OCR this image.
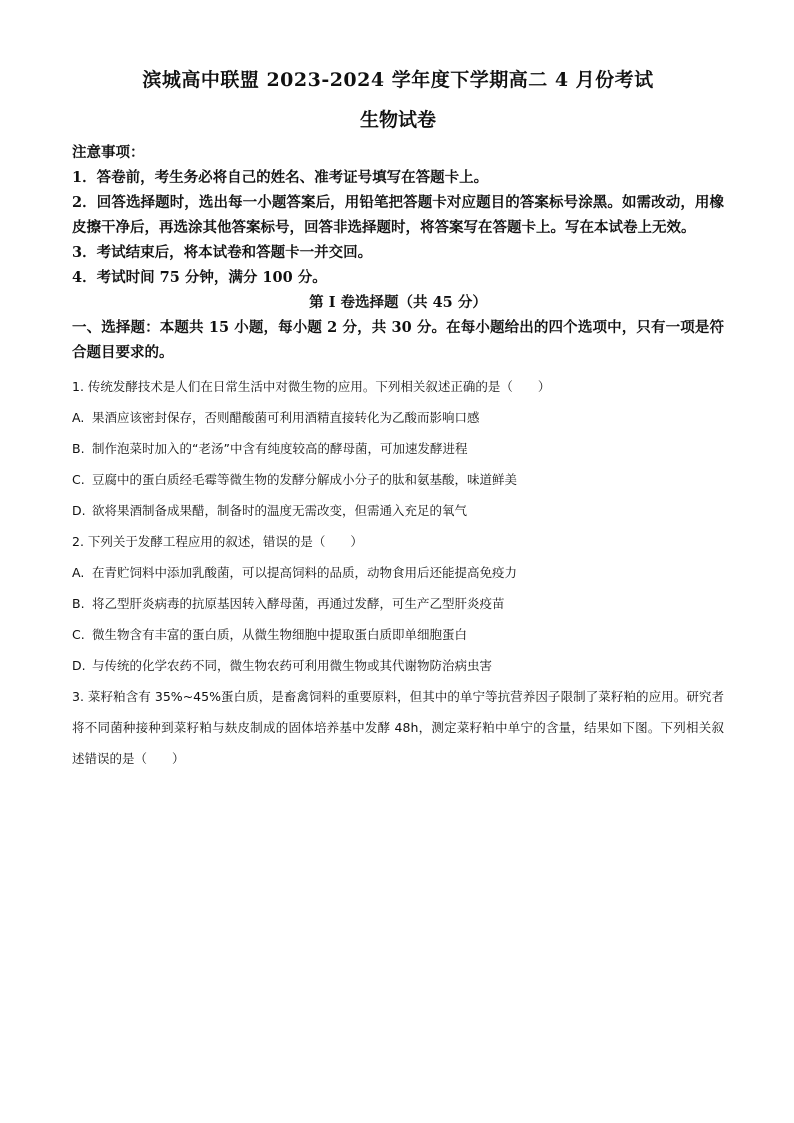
滨城高中联盟 2023-2024 学年度下学期高二 4 月份考试
生物试卷

注意事项：

1．答卷前，考生务必将自己的姓名、准考证号填写在答题卡上。

2．回答选择题时，选出每一小题答案后，用铅笔把答题卡对应题目的答案标号涂黑。如需改动，用橡皮擦干净后，再选涂其他答案标号，回答非选择题时，将答案写在答题卡上。写在本试卷上无效。

3．考试结束后，将本试卷和答题卡一并交回。

4．考试时间 75 分钟，满分 100 分。

第 I 卷选择题（共 45 分）

一、选择题：本题共 15 小题，每小题 2 分，共 30 分。在每小题给出的四个选项中，只有一项是符合题目要求的。

1. 传统发酵技术是人们在日常生活中对微生物的应用。下列相关叙述正确的是（　　）

A. 果酒应该密封保存，否则醋酸菌可利用酒精直接转化为乙酸而影响口感

B. 制作泡菜时加入的“老汤”中含有纯度较高的酵母菌，可加速发酵进程

C. 豆腐中的蛋白质经毛霉等微生物的发酵分解成小分子的肽和氨基酸，味道鲜美

D. 欲将果酒制备成果醋，制备时的温度无需改变，但需通入充足的氧气

2. 下列关于发酵工程应用的叙述，错误的是（　　）

A. 在青贮饲料中添加乳酸菌，可以提高饲料的品质，动物食用后还能提高免疫力

B. 将乙型肝炎病毒的抗原基因转入酵母菌，再通过发酵，可生产乙型肝炎疫苗

C. 微生物含有丰富的蛋白质，从微生物细胞中提取蛋白质即单细胞蛋白

D. 与传统的化学农药不同，微生物农药可利用微生物或其代谢物防治病虫害

3. 菜籽粕含有 35%~45%蛋白质，是畜禽饲料的重要原料，但其中的单宁等抗营养因子限制了菜籽粕的应用。研究者将不同菌种接种到菜籽粕与麸皮制成的固体培养基中发酵 48h，测定菜籽粕中单宁的含量，结果如下图。下列相关叙述错误的是（　　）
